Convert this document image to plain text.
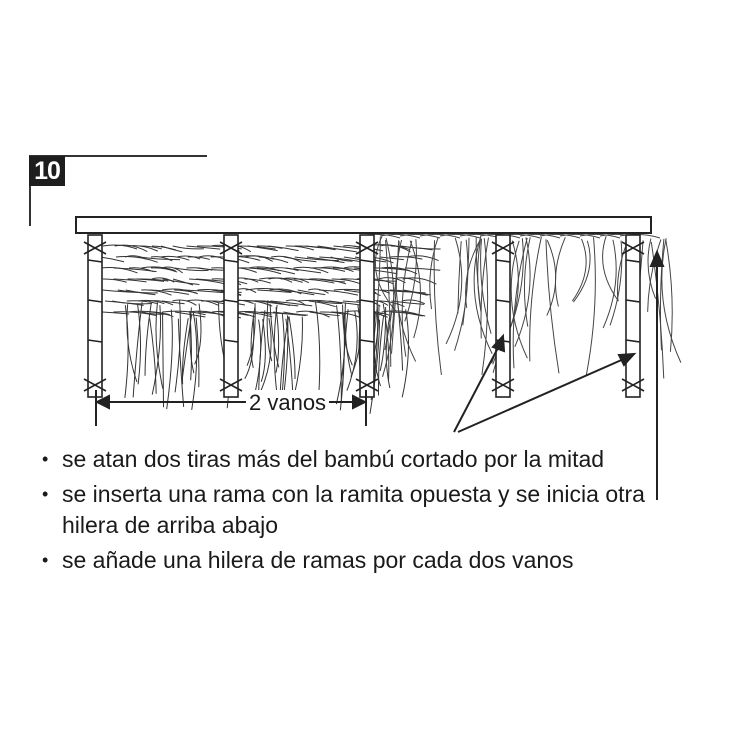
10
2 vanos
• se atan dos tiras más del bambú cortado por la mitad
• se inserta una rama con la ramita opuesta y se inicia otra hilera de arriba abajo
• se añade una hilera de ramas por cada dos vanos
